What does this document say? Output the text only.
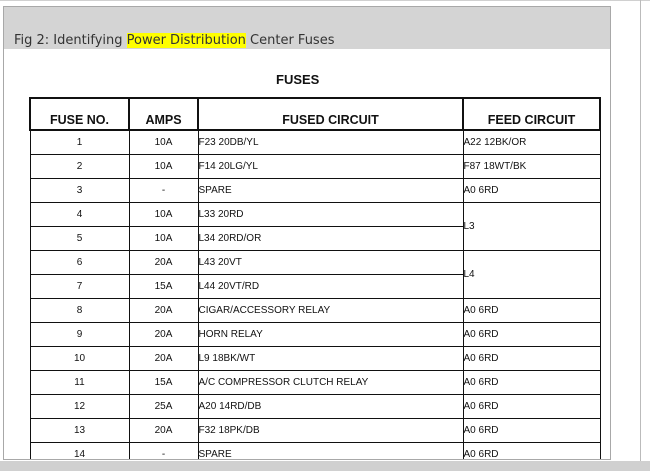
Fig 2: Identifying Power Distribution Center Fuses
FUSES
FUSE NO.	AMPS	FUSED CIRCUIT	FEED CIRCUIT
1	10A	F23 20DB/YL	A22 12BK/OR
2	10A	F14 20LG/YL	F87 18WT/BK
3	-	SPARE	A0 6RD
4	10A	L33 20RD	L3
5	10A	L34 20RD/OR	
6	20A	L43 20VT	L4
7	15A	L44 20VT/RD	
8	20A	CIGAR/ACCESSORY RELAY	A0 6RD
9	20A	HORN RELAY	A0 6RD
10	20A	L9 18BK/WT	A0 6RD
11	15A	A/C COMPRESSOR CLUTCH RELAY	A0 6RD
12	25A	A20 14RD/DB	A0 6RD
13	20A	F32 18PK/DB	A0 6RD
14	-	SPARE	A0 6RD
